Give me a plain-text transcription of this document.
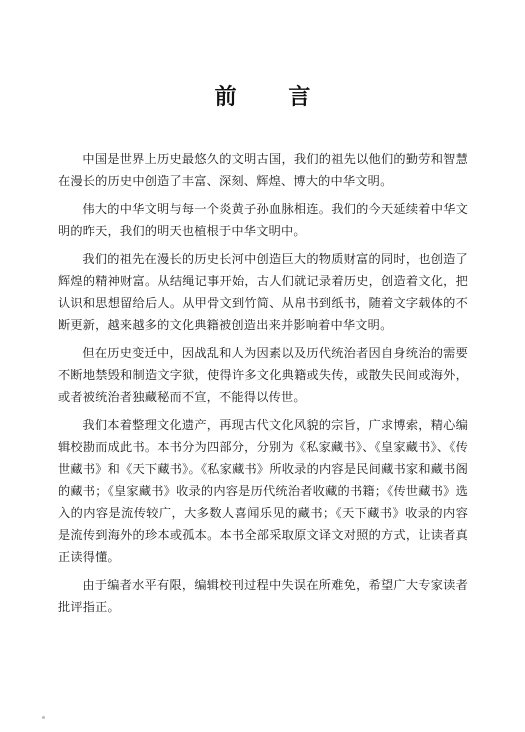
前 言

中国是世界上历史最悠久的文明古国，我们的祖先以他们的勤劳和智慧在漫长的历史中创造了丰富、深刻、辉煌、博大的中华文明。

伟大的中华文明与每一个炎黄子孙血脉相连。我们的今天延续着中华文明的昨天，我们的明天也植根于中华文明中。

我们的祖先在漫长的历史长河中创造巨大的物质财富的同时，也创造了辉煌的精神财富。从结绳记事开始，古人们就记录着历史，创造着文化，把认识和思想留给后人。从甲骨文到竹简、从帛书到纸书，随着文字载体的不断更新，越来越多的文化典籍被创造出来并影响着中华文明。

但在历史变迁中，因战乱和人为因素以及历代统治者因自身统治的需要不断地禁毁和制造文字狱，使得许多文化典籍或失传，或散失民间或海外，或者被统治者独藏秘而不宣，不能得以传世。

我们本着整理文化遗产，再现古代文化风貌的宗旨，广求博索，精心编辑校勘而成此书。本书分为四部分，分别为《私家藏书》、《皇家藏书》、《传世藏书》和《天下藏书》。《私家藏书》所收录的内容是民间藏书家和藏书阁的藏书；《皇家藏书》收录的内容是历代统治者收藏的书籍；《传世藏书》选入的内容是流传较广，大多数人喜闻乐见的藏书；《天下藏书》收录的内容是流传到海外的珍本或孤本。本书全部采取原文译文对照的方式，让读者真正读得懂。

由于编者水平有限，编辑校刊过程中失误在所难免，希望广大专家读者批评指正。
